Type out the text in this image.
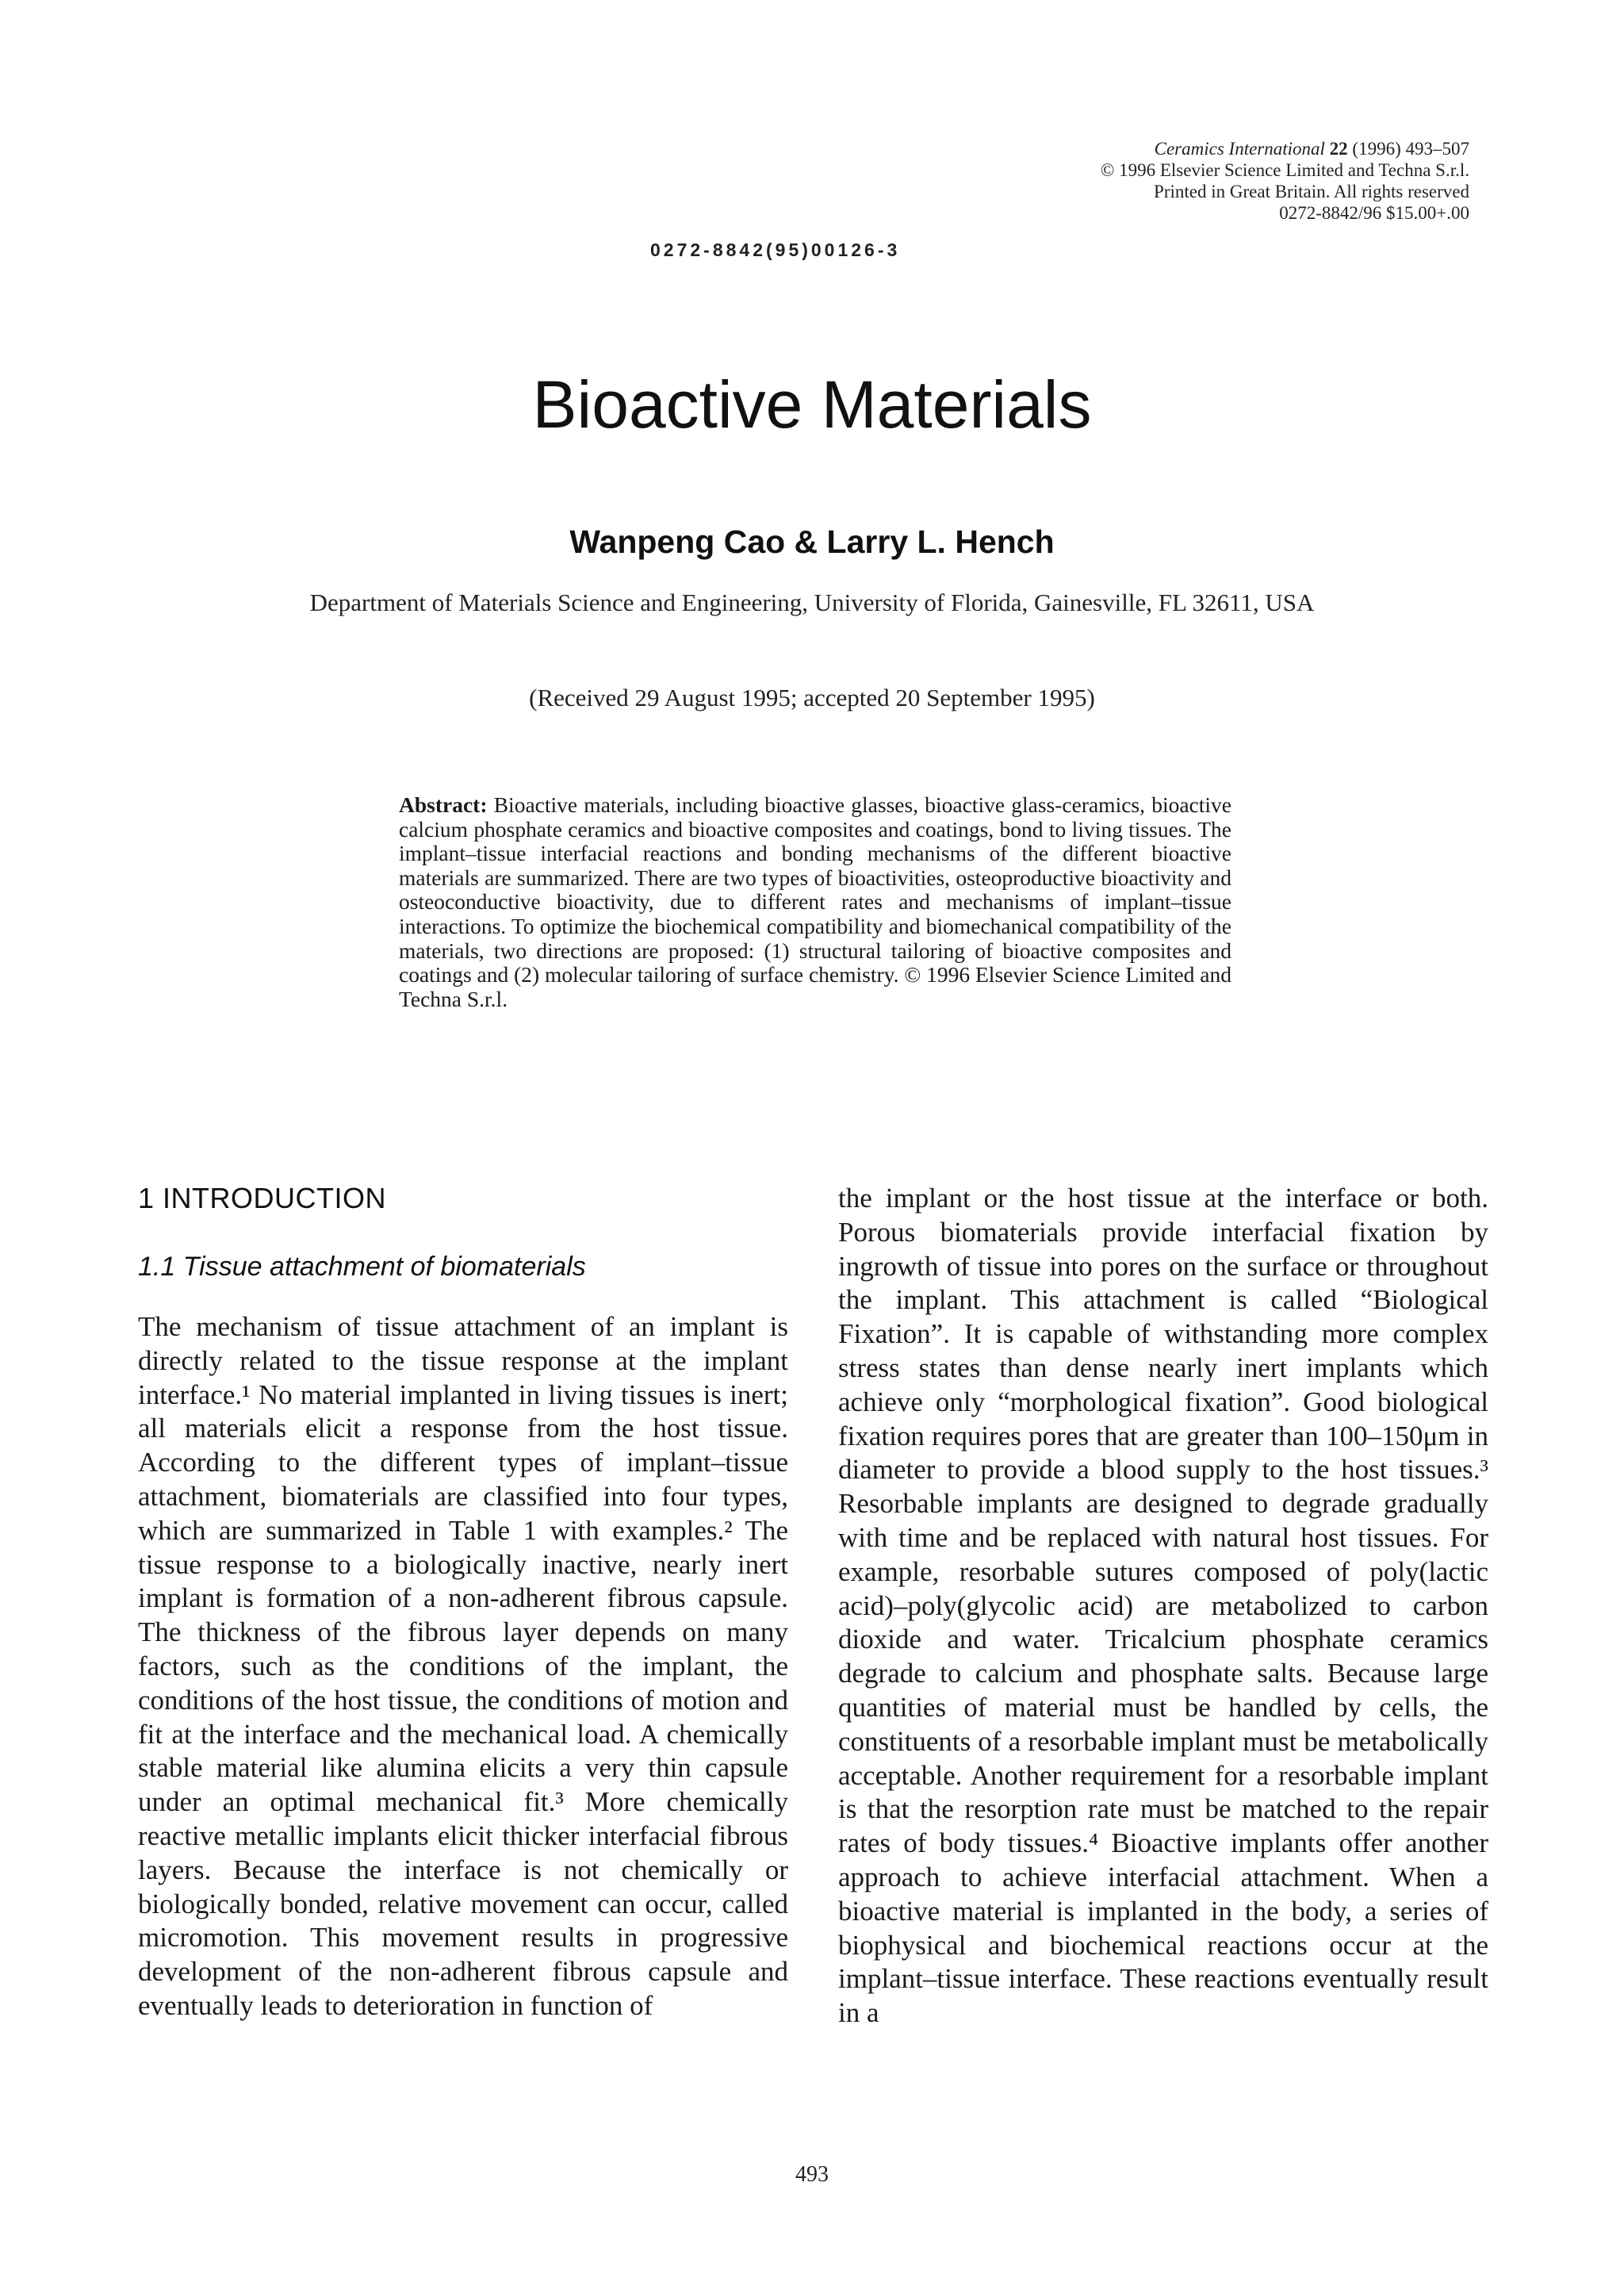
0272-8842(95)00126-3
Ceramics International 22 (1996) 493–507
© 1996 Elsevier Science Limited and Techna S.r.l.
Printed in Great Britain. All rights reserved
0272-8842/96 $15.00+.00
Bioactive Materials
Wanpeng Cao & Larry L. Hench
Department of Materials Science and Engineering, University of Florida, Gainesville, FL 32611, USA
(Received 29 August 1995; accepted 20 September 1995)
Abstract: Bioactive materials, including bioactive glasses, bioactive glass-ceramics, bioactive calcium phosphate ceramics and bioactive composites and coatings, bond to living tissues. The implant–tissue interfacial reactions and bonding mechanisms of the different bioactive materials are summarized. There are two types of bioactivities, osteoproductive bioactivity and osteoconductive bioactivity, due to different rates and mechanisms of implant–tissue interactions. To optimize the biochemical compatibility and biomechanical compatibility of the materials, two directions are proposed: (1) structural tailoring of bioactive composites and coatings and (2) molecular tailoring of surface chemistry. © 1996 Elsevier Science Limited and Techna S.r.l.
1 INTRODUCTION
1.1 Tissue attachment of biomaterials

The mechanism of tissue attachment of an implant is directly related to the tissue response at the implant interface.¹ No material implanted in living tissues is inert; all materials elicit a response from the host tissue. According to the different types of implant–tissue attachment, biomaterials are classified into four types, which are summarized in Table 1 with examples.² The tissue response to a biologically inactive, nearly inert implant is formation of a non-adherent fibrous capsule. The thickness of the fibrous layer depends on many factors, such as the conditions of the implant, the conditions of the host tissue, the conditions of motion and fit at the interface and the mechanical load. A chemically stable material like alumina elicits a very thin capsule under an optimal mechanical fit.³ More chemically reactive metallic implants elicit thicker interfacial fibrous layers. Because the interface is not chemically or biologically bonded, relative movement can occur, called micromotion. This movement results in progressive development of the non-adherent fibrous capsule and eventually leads to deterioration in function of

the implant or the host tissue at the interface or both. Porous biomaterials provide interfacial fixation by ingrowth of tissue into pores on the surface or throughout the implant. This attachment is called “Biological Fixation”. It is capable of withstanding more complex stress states than dense nearly inert implants which achieve only “morphological fixation”. Good biological fixation requires pores that are greater than 100–150μm in diameter to provide a blood supply to the host tissues.³ Resorbable implants are designed to degrade gradually with time and be replaced with natural host tissues. For example, resorbable sutures composed of poly(lactic acid)–poly(glycolic acid) are metabolized to carbon dioxide and water. Tricalcium phosphate ceramics degrade to calcium and phosphate salts. Because large quantities of material must be handled by cells, the constituents of a resorbable implant must be metabolically acceptable. Another requirement for a resorbable implant is that the resorption rate must be matched to the repair rates of body tissues.⁴ Bioactive implants offer another approach to achieve interfacial attachment. When a bioactive material is implanted in the body, a series of biophysical and biochemical reactions occur at the implant–tissue interface. These reactions eventually result in a

493
